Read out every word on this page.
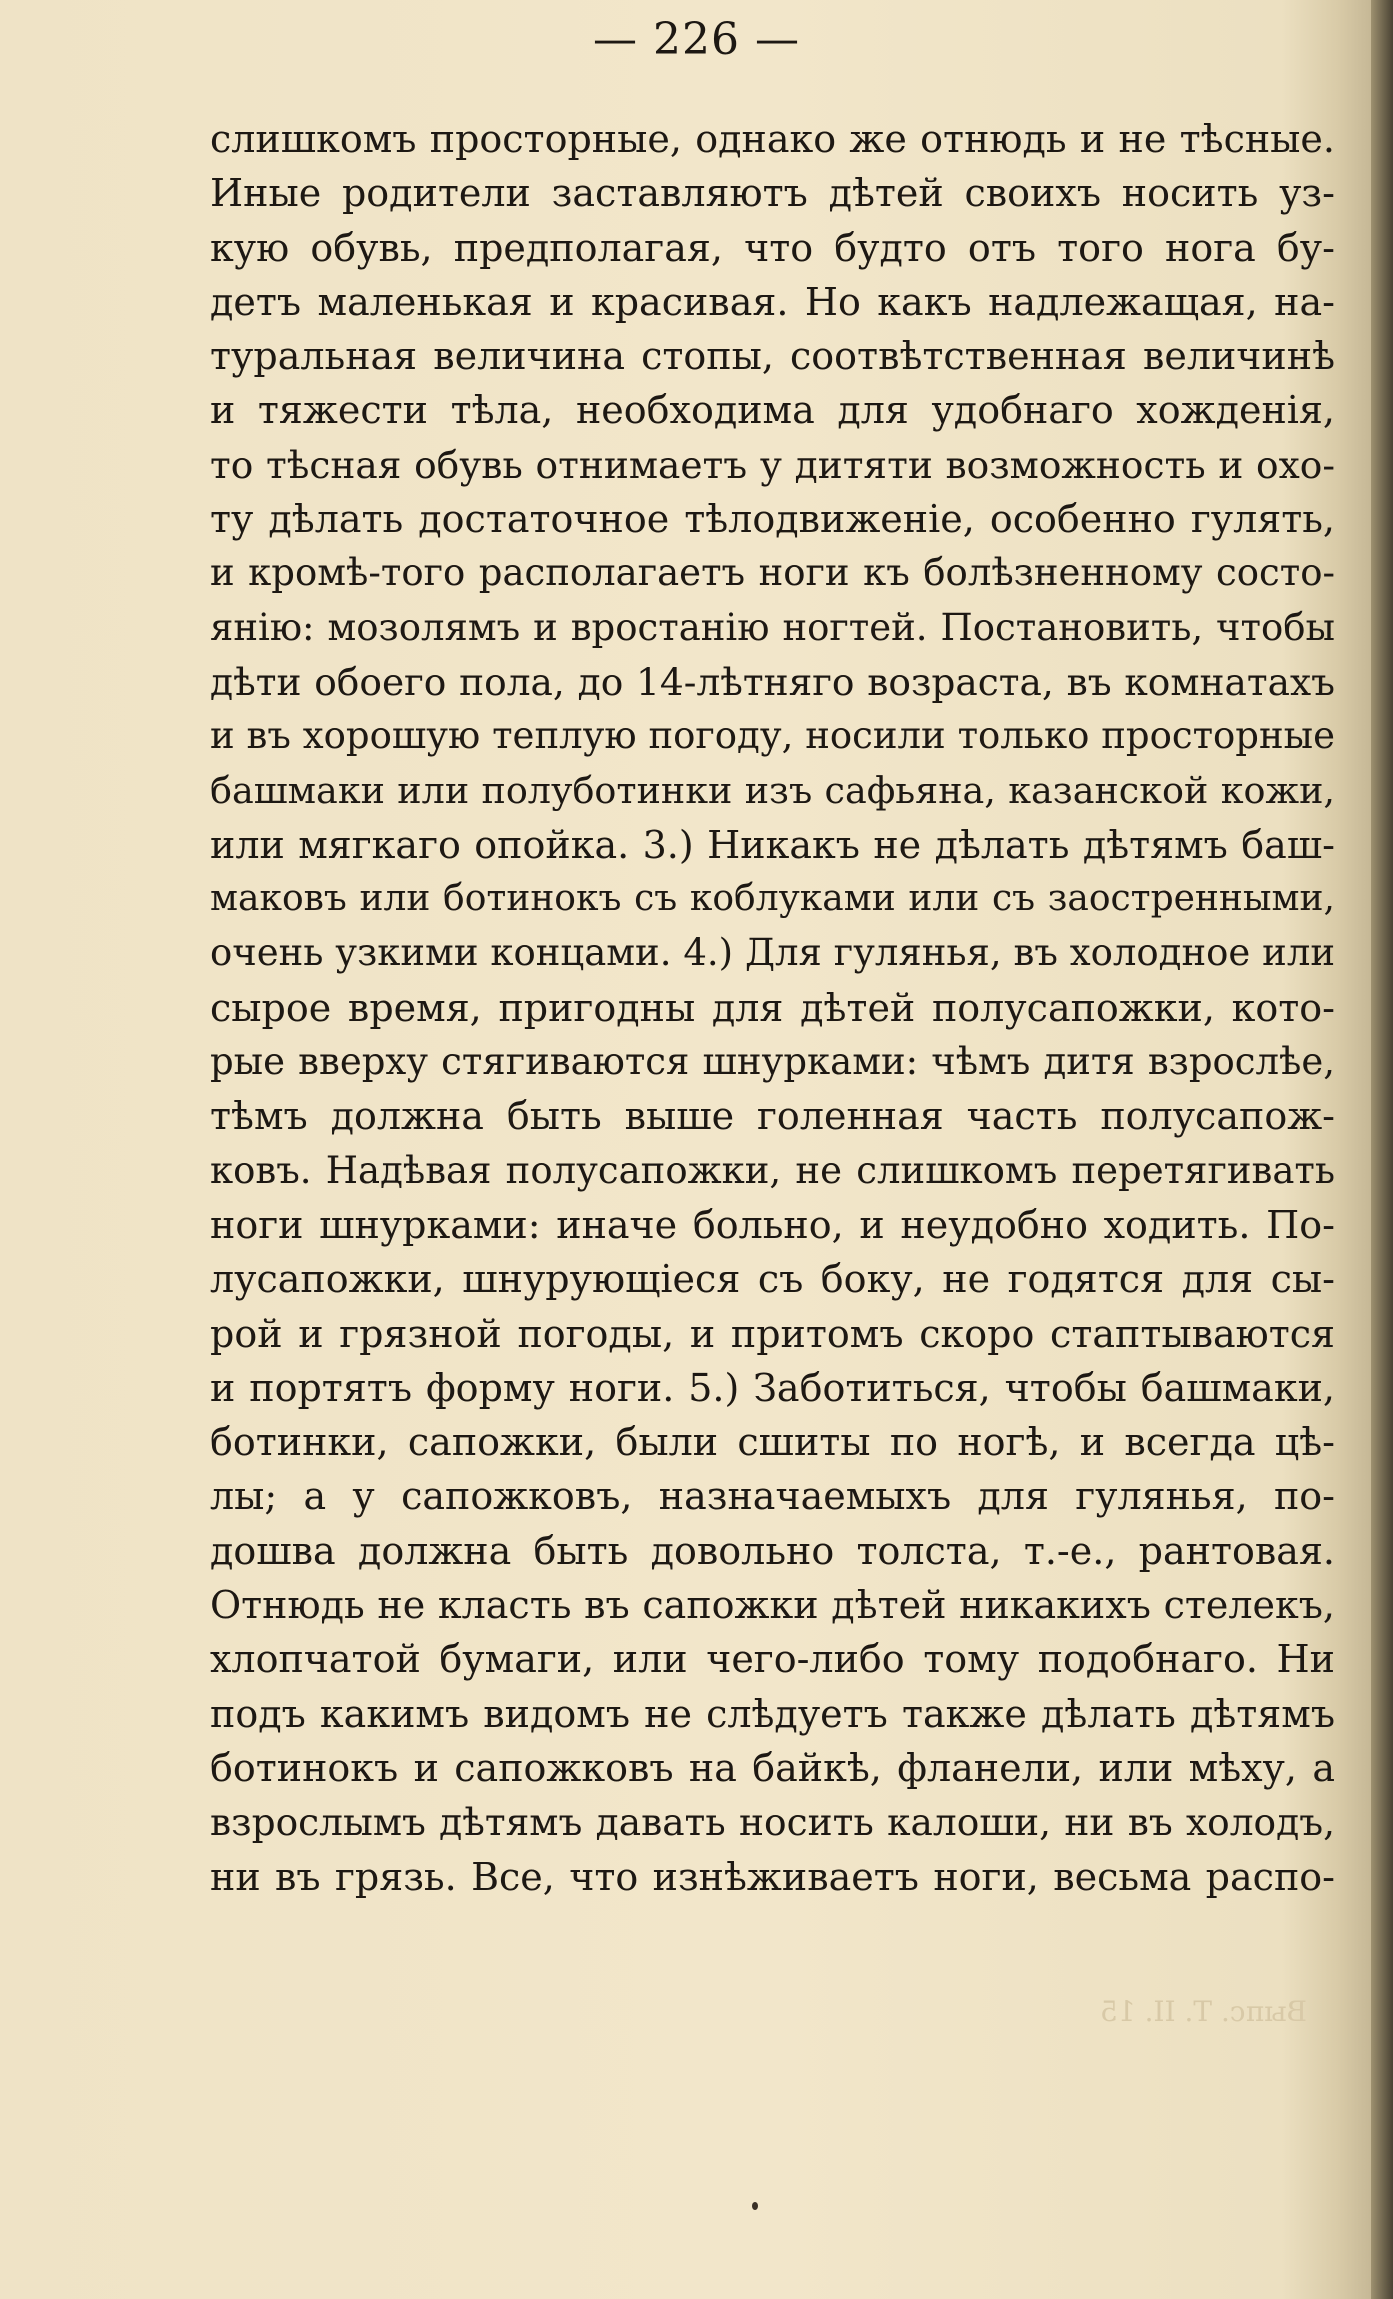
— 226 —
слишкомъ просторные, однако же отнюдь и не тѣсные.
Иные родители заставляютъ дѣтей своихъ носить уз-
кую обувь, предполагая, что будто отъ того нога бу-
детъ маленькая и красивая. Но какъ надлежащая, на-
туральная величина стопы, соотвѣтственная величинѣ
и тяжести тѣла, необходима для удобнаго хожденія,
то тѣсная обувь отнимаетъ у дитяти возможность и охо-
ту дѣлать достаточное тѣлодвиженіе, особенно гулять,
и кромѣ-того располагаетъ ноги къ болѣзненному состо-
янію: мозолямъ и вростанію ногтей. Постановить, чтобы
дѣти обоего пола, до 14-лѣтняго возраста, въ комнатахъ
и въ хорошую теплую погоду, носили только просторные
башмаки или полуботинки изъ сафьяна, казанской кожи,
или мягкаго опойка. 3.) Никакъ не дѣлать дѣтямъ баш-
маковъ или ботинокъ съ коблуками или съ заостренными,
очень узкими концами. 4.) Для гулянья, въ холодное или
сырое время, пригодны для дѣтей полусапожки, кото-
рые вверху стягиваются шнурками: чѣмъ дитя взрослѣе,
тѣмъ должна быть выше голенная часть полусапож-
ковъ. Надѣвая полусапожки, не слишкомъ перетягивать
ноги шнурками: иначе больно, и неудобно ходить. По-
лусапожки, шнурующіеся съ боку, не годятся для сы-
рой и грязной погоды, и притомъ скоро стаптываются
и портятъ форму ноги. 5.) Заботиться, чтобы башмаки,
ботинки, сапожки, были сшиты по ногѣ, и всегда цѣ-
лы; а у сапожковъ, назначаемыхъ для гулянья, по-
дошва должна быть довольно толста, т.-е., рантовая.
Отнюдь не класть въ сапожки дѣтей никакихъ стелекъ,
хлопчатой бумаги, или чего-либо тому подобнаго. Ни
подъ какимъ видомъ не слѣдуетъ также дѣлать дѣтямъ
ботинокъ и сапожковъ на байкѣ, фланели, или мѣху, а
взрослымъ дѣтямъ давать носить калоши, ни въ холодъ,
ни въ грязь. Все, что изнѣживаетъ ноги, весьма распо-
Выпс. Т. II. 15
